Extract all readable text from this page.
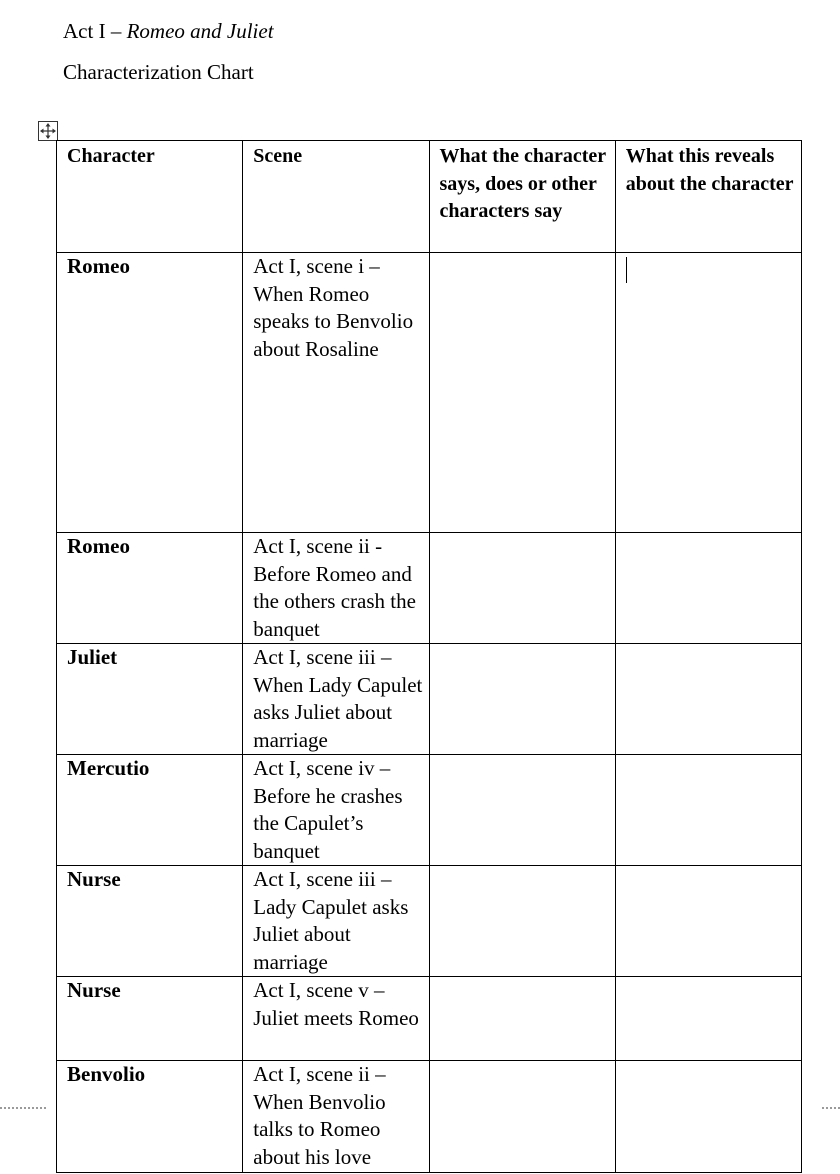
Act I – Romeo and Juliet
Characterization Chart
Character	Scene	What the character says, does or other characters say	What this reveals about the character
Romeo	Act I, scene i – When Romeo speaks to Benvolio about Rosaline		
Romeo	Act I, scene ii - Before Romeo and the others crash the banquet		
Juliet	Act I, scene iii – When Lady Capulet asks Juliet about marriage		
Mercutio	Act I, scene iv – Before he crashes the Capulet’s banquet		
Nurse	Act I, scene iii – Lady Capulet asks Juliet about marriage		
Nurse	Act I, scene v – Juliet meets Romeo		
Benvolio	Act I, scene ii – When Benvolio talks to Romeo about his love		
